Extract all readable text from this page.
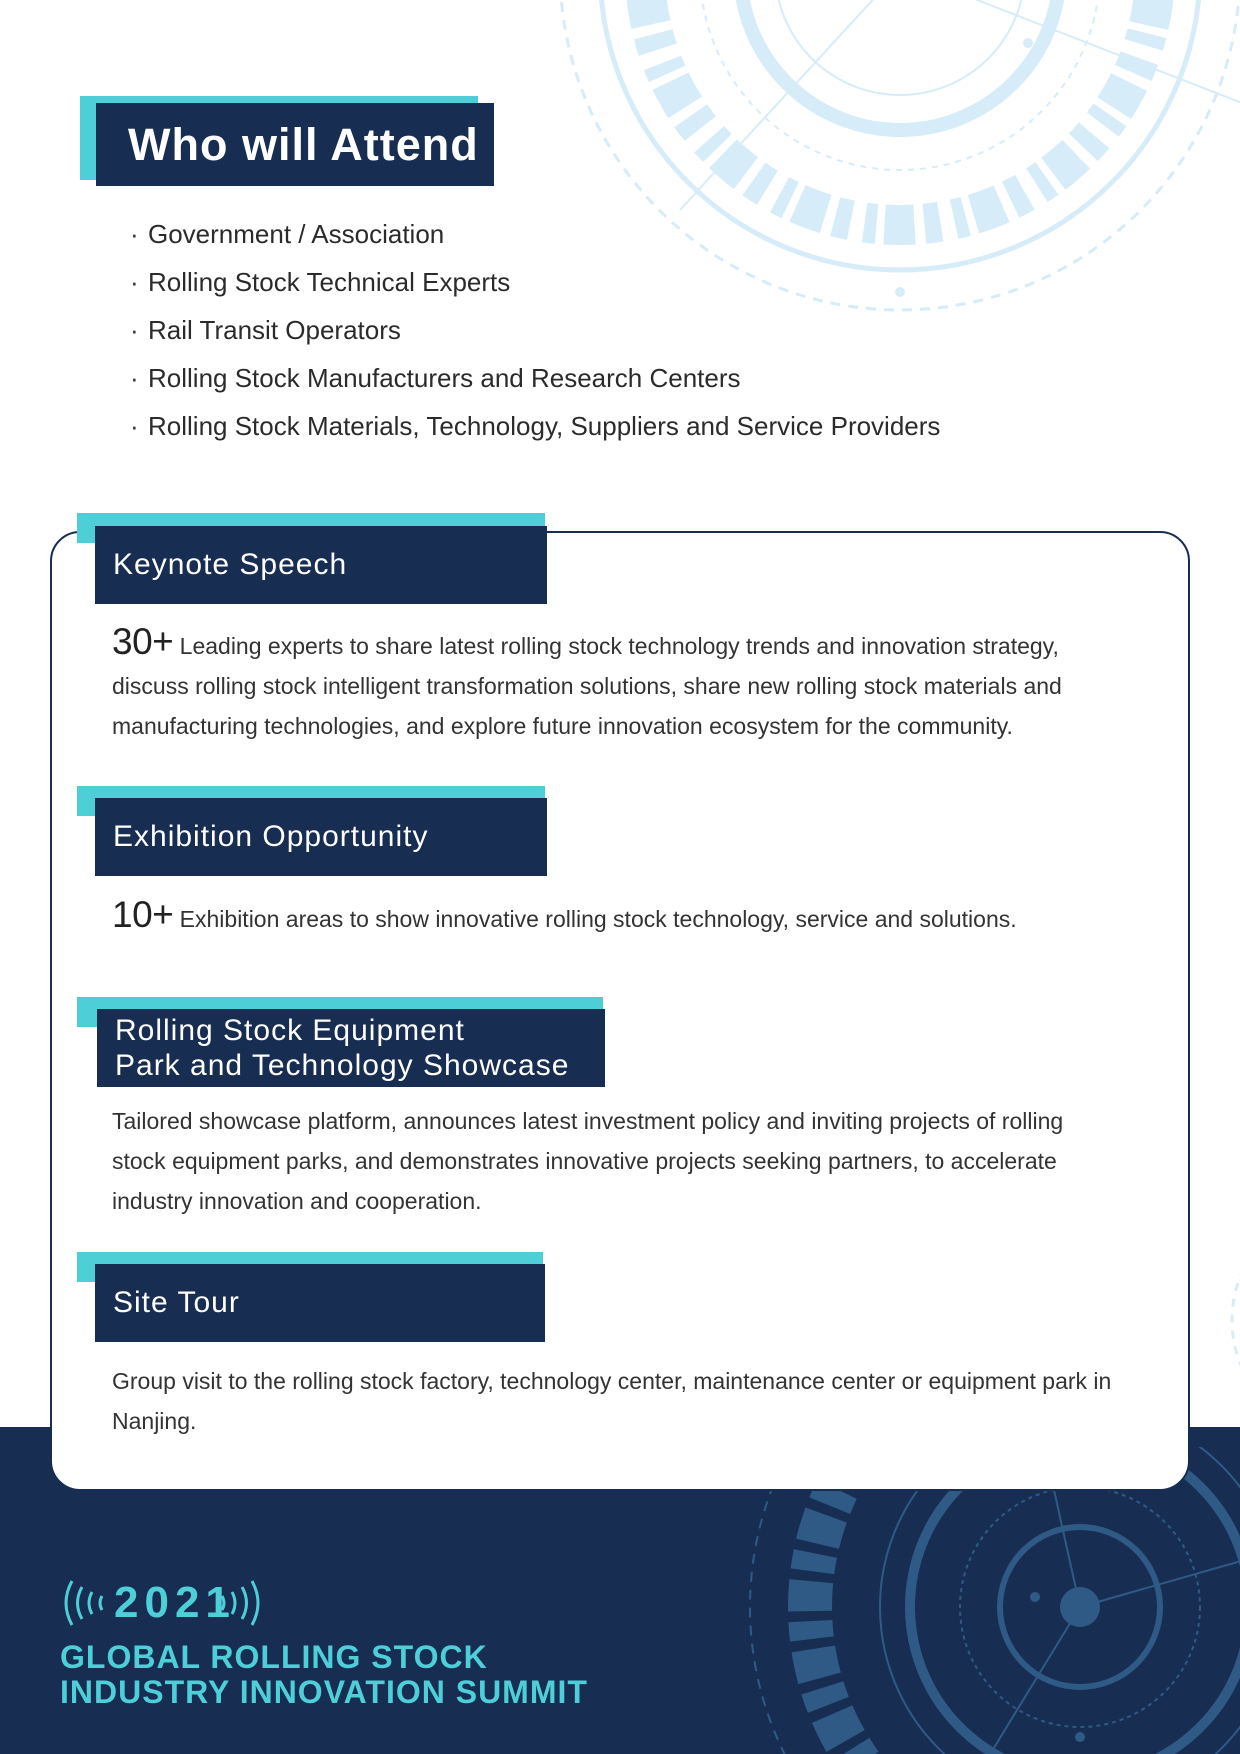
Who will Attend
· Government / Association
· Rolling Stock Technical Experts
· Rail Transit Operators
· Rolling Stock Manufacturers and Research Centers
· Rolling Stock Materials, Technology, Suppliers and Service Providers
Keynote Speech
30+ Leading experts to share latest rolling stock technology trends and innovation strategy, discuss rolling stock intelligent transformation solutions, share new rolling stock materials and manufacturing technologies, and explore future innovation ecosystem for the community.
Exhibition Opportunity
10+ Exhibition areas to show innovative rolling stock technology, service and solutions.
Rolling Stock Equipment
Park and Technology Showcase
Tailored showcase platform, announces latest investment policy and inviting projects of rolling stock equipment parks, and demonstrates innovative projects seeking partners, to accelerate industry innovation and cooperation.
Site Tour
Group visit to the rolling stock factory, technology center, maintenance center or equipment park in Nanjing.
2021
GLOBAL ROLLING STOCK
INDUSTRY INNOVATION SUMMIT
